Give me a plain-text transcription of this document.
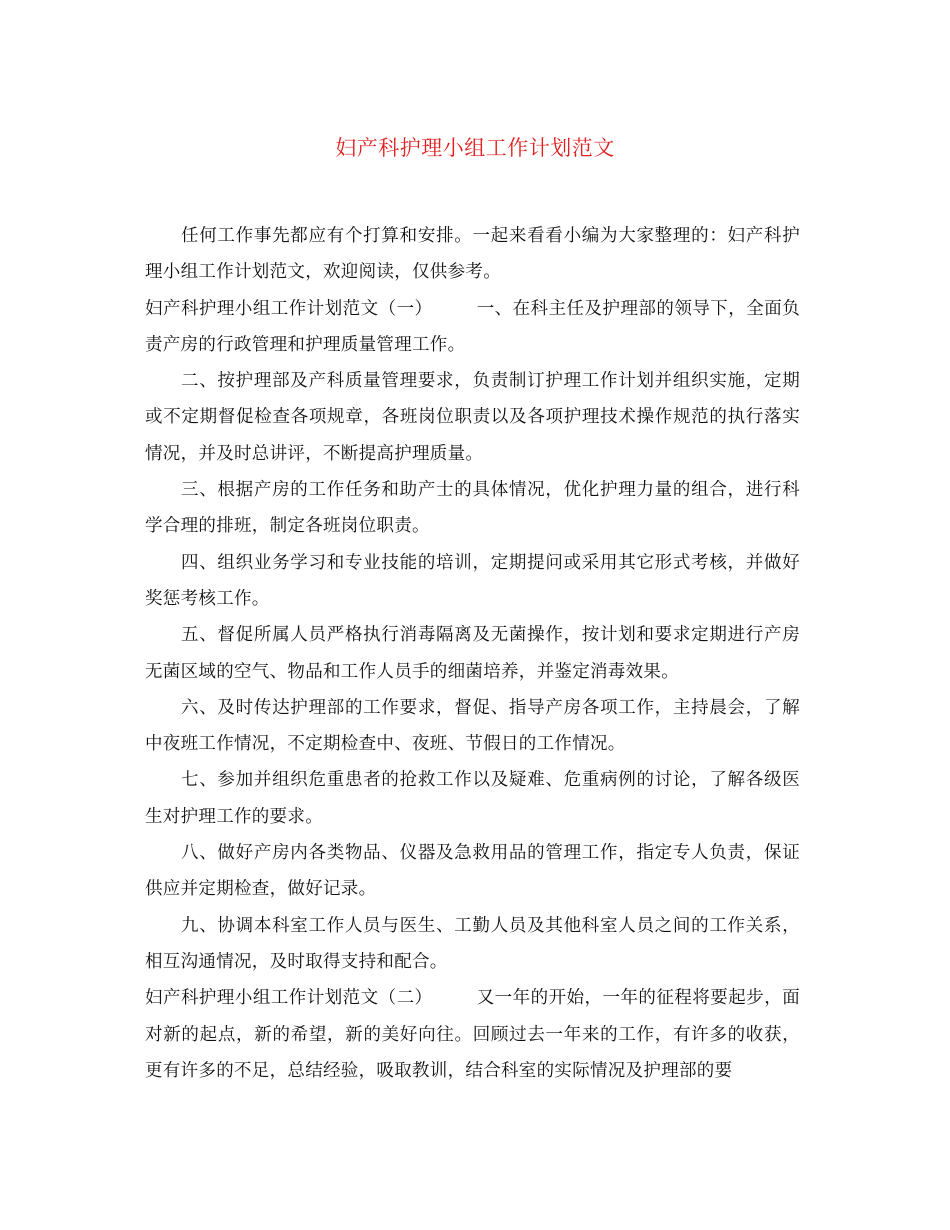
妇产科护理小组工作计划范文

任何工作事先都应有个打算和安排。一起来看看小编为大家整理的：妇产科护理小组工作计划范文，欢迎阅读，仅供参考。

妇产科护理小组工作计划范文（一）	一、在科主任及护理部的领导下，全面负责产房的行政管理和护理质量管理工作。

二、按护理部及产科质量管理要求，负责制订护理工作计划并组织实施，定期或不定期督促检查各项规章，各班岗位职责以及各项护理技术操作规范的执行落实情况，并及时总讲评，不断提高护理质量。

三、根据产房的工作任务和助产士的具体情况，优化护理力量的组合，进行科学合理的排班，制定各班岗位职责。

四、组织业务学习和专业技能的培训，定期提问或采用其它形式考核，并做好奖惩考核工作。

五、督促所属人员严格执行消毒隔离及无菌操作，按计划和要求定期进行产房无菌区域的空气、物品和工作人员手的细菌培养，并鉴定消毒效果。

六、及时传达护理部的工作要求，督促、指导产房各项工作，主持晨会，了解中夜班工作情况，不定期检查中、夜班、节假日的工作情况。

七、参加并组织危重患者的抢救工作以及疑难、危重病例的讨论，了解各级医生对护理工作的要求。

八、做好产房内各类物品、仪器及急救用品的管理工作，指定专人负责，保证供应并定期检查，做好记录。

九、协调本科室工作人员与医生、工勤人员及其他科室人员之间的工作关系，相互沟通情况，及时取得支持和配合。

妇产科护理小组工作计划范文（二）	又一年的开始，一年的征程将要起步，面对新的起点，新的希望，新的美好向往。回顾过去一年来的工作，有许多的收获，更有许多的不足，总结经验，吸取教训，结合科室的实际情况及护理部的要
